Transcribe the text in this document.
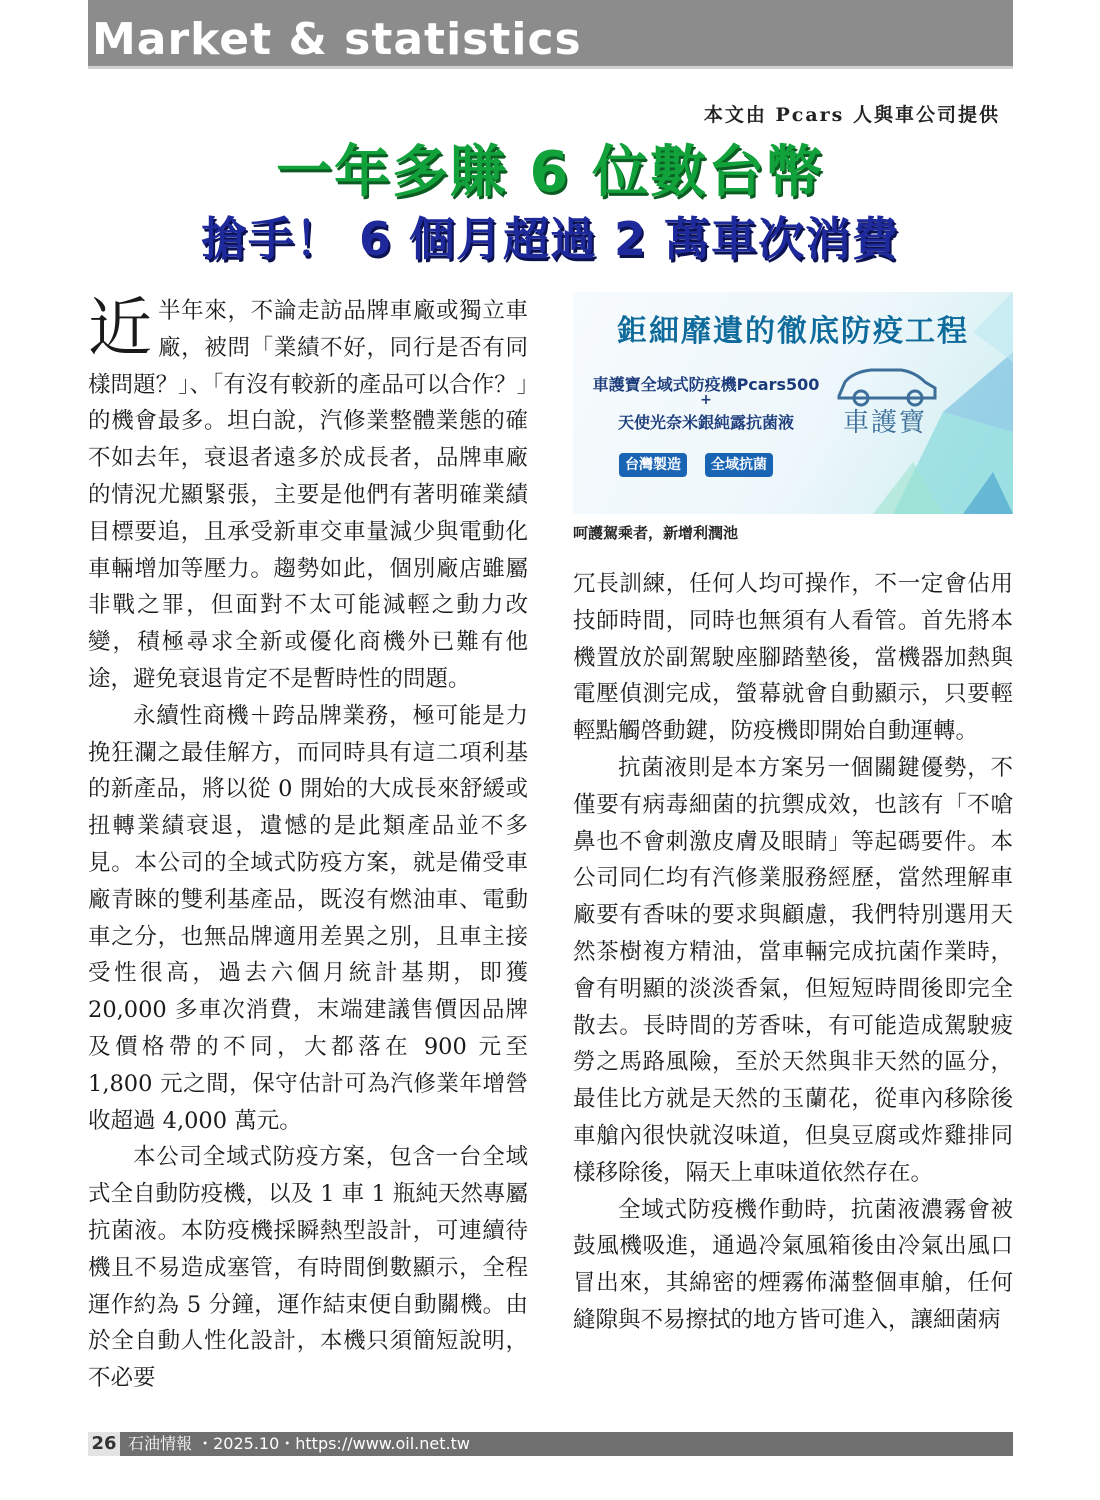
Market & statistics
本文由 Pcars 人與車公司提供
一年多賺 6 位數台幣
搶手！ 6 個月超過 2 萬車次消費

近半年來，不論走訪品牌車廠或獨立車廠，被問「業績不好，同行是否有同樣問題？」、「有沒有較新的產品可以合作？」的機會最多。坦白說，汽修業整體業態的確不如去年，衰退者遠多於成長者，品牌車廠的情況尤顯緊張，主要是他們有著明確業績目標要追，且承受新車交車量減少與電動化車輛增加等壓力。趨勢如此，個別廠店雖屬非戰之罪，但面對不太可能減輕之動力改變，積極尋求全新或優化商機外已難有他途，避免衰退肯定不是暫時性的問題。

永續性商機＋跨品牌業務，極可能是力挽狂瀾之最佳解方，而同時具有這二項利基的新產品，將以從 0 開始的大成長來舒緩或扭轉業績衰退，遺憾的是此類產品並不多見。本公司的全域式防疫方案，就是備受車廠青睞的雙利基產品，既沒有燃油車、電動車之分，也無品牌適用差異之別，且車主接受性很高，過去六個月統計基期，即獲 20,000 多車次消費，末端建議售價因品牌及價格帶的不同，大都落在 900 元至 1,800 元之間，保守估計可為汽修業年增營收超過 4,000 萬元。

本公司全域式防疫方案，包含一台全域式全自動防疫機，以及 1 車 1 瓶純天然專屬抗菌液。本防疫機採瞬熱型設計，可連續待機且不易造成塞管，有時間倒數顯示，全程運作約為 5 分鐘，運作結束便自動關機。由於全自動人性化設計，本機只須簡短說明，不必要

鉅細靡遺的徹底防疫工程
車護寶全域式防疫機Pcars500
+
天使光奈米銀純露抗菌液
台灣製造	全域抗菌
車護寶
呵護駕乘者，新增利潤池

冗長訓練，任何人均可操作，不一定會佔用技師時間，同時也無須有人看管。首先將本機置放於副駕駛座腳踏墊後，當機器加熱與電壓偵測完成，螢幕就會自動顯示，只要輕輕點觸啓動鍵，防疫機即開始自動運轉。

抗菌液則是本方案另一個關鍵優勢，不僅要有病毒細菌的抗禦成效，也該有「不嗆鼻也不會刺激皮膚及眼睛」等起碼要件。本公司同仁均有汽修業服務經歷，當然理解車廠要有香味的要求與顧慮，我們特別選用天然茶樹複方精油，當車輛完成抗菌作業時，會有明顯的淡淡香氣，但短短時間後即完全散去。長時間的芳香味，有可能造成駕駛疲勞之馬路風險，至於天然與非天然的區分，最佳比方就是天然的玉蘭花，從車內移除後車艙內很快就沒味道，但臭豆腐或炸雞排同樣移除後，隔天上車味道依然存在。

全域式防疫機作動時，抗菌液濃霧會被鼓風機吸進，通過冷氣風箱後由冷氣出風口冒出來，其綿密的煙霧佈滿整個車艙，任何縫隙與不易擦拭的地方皆可進入，讓細菌病

26 石油情報 ・2025.10・https://www.oil.net.tw
